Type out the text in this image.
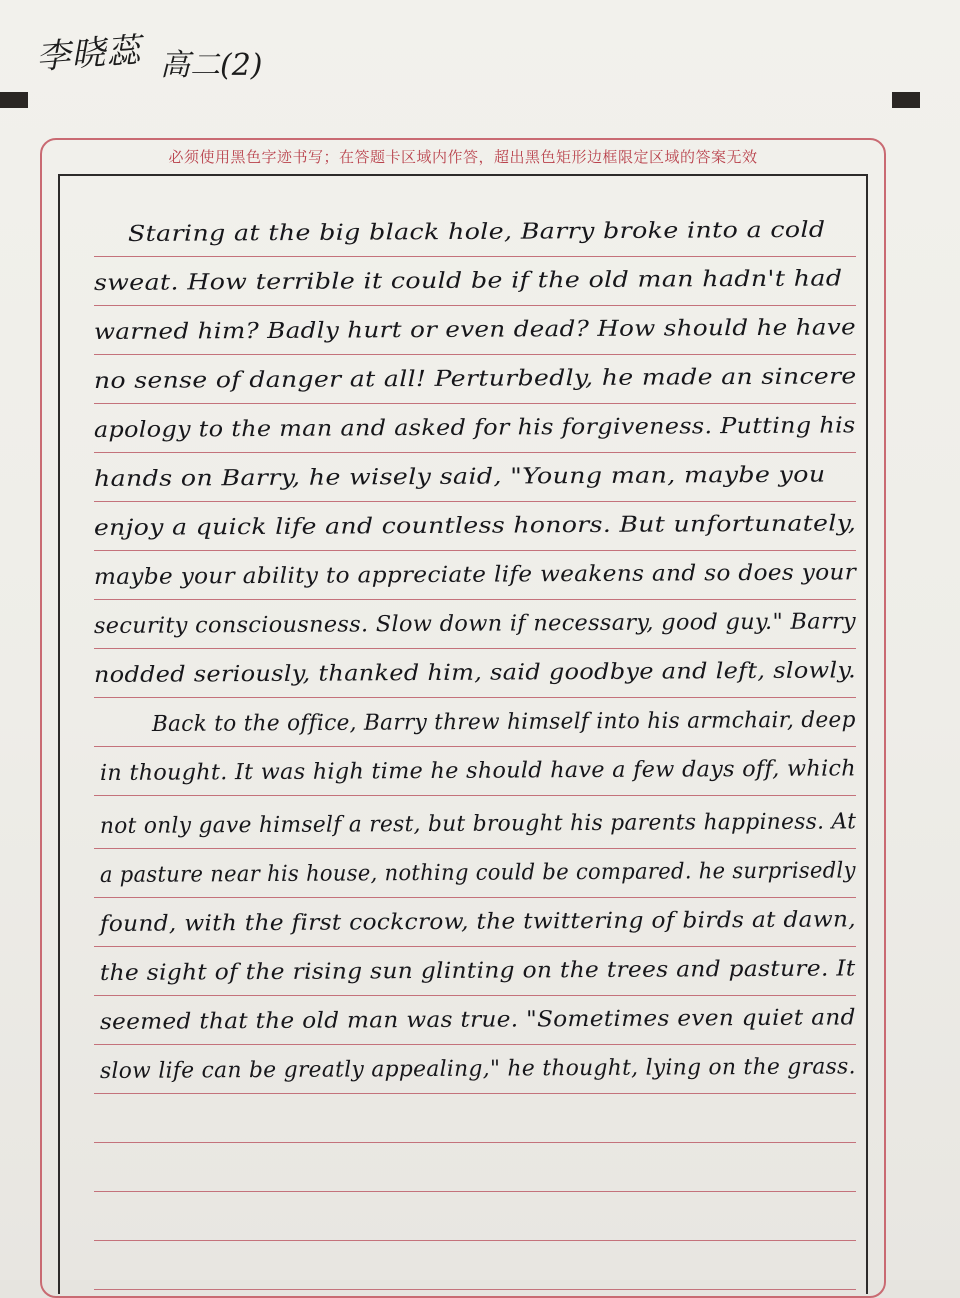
李晓蕊 高二(2)
必须使用黑色字迹书写；在答题卡区域内作答，超出黑色矩形边框限定区域的答案无效
Staring at the big black hole, Barry broke into a cold
sweat. How terrible it could be if the old man hadn't had
warned him? Badly hurt or even dead? How should he have
no sense of danger at all! Perturbedly, he made an sincere
apology to the man and asked for his forgiveness. Putting his
hands on Barry, he wisely said, "Young man, maybe you
enjoy a quick life and countless honors. But unfortunately,
maybe your ability to appreciate life weakens and so does your
security consciousness. Slow down if necessary, good guy." Barry
nodded seriously, thanked him, said goodbye and left, slowly.
Back to the office, Barry threw himself into his armchair, deep
in thought. It was high time he should have a few days off, which
not only gave himself a rest, but brought his parents happiness. At
a pasture near his house, nothing could be compared. he surprisedly
found, with the first cockcrow, the twittering of birds at dawn,
the sight of the rising sun glinting on the trees and pasture. It
seemed that the old man was true. "Sometimes even quiet and
slow life can be greatly appealing," he thought, lying on the grass.
